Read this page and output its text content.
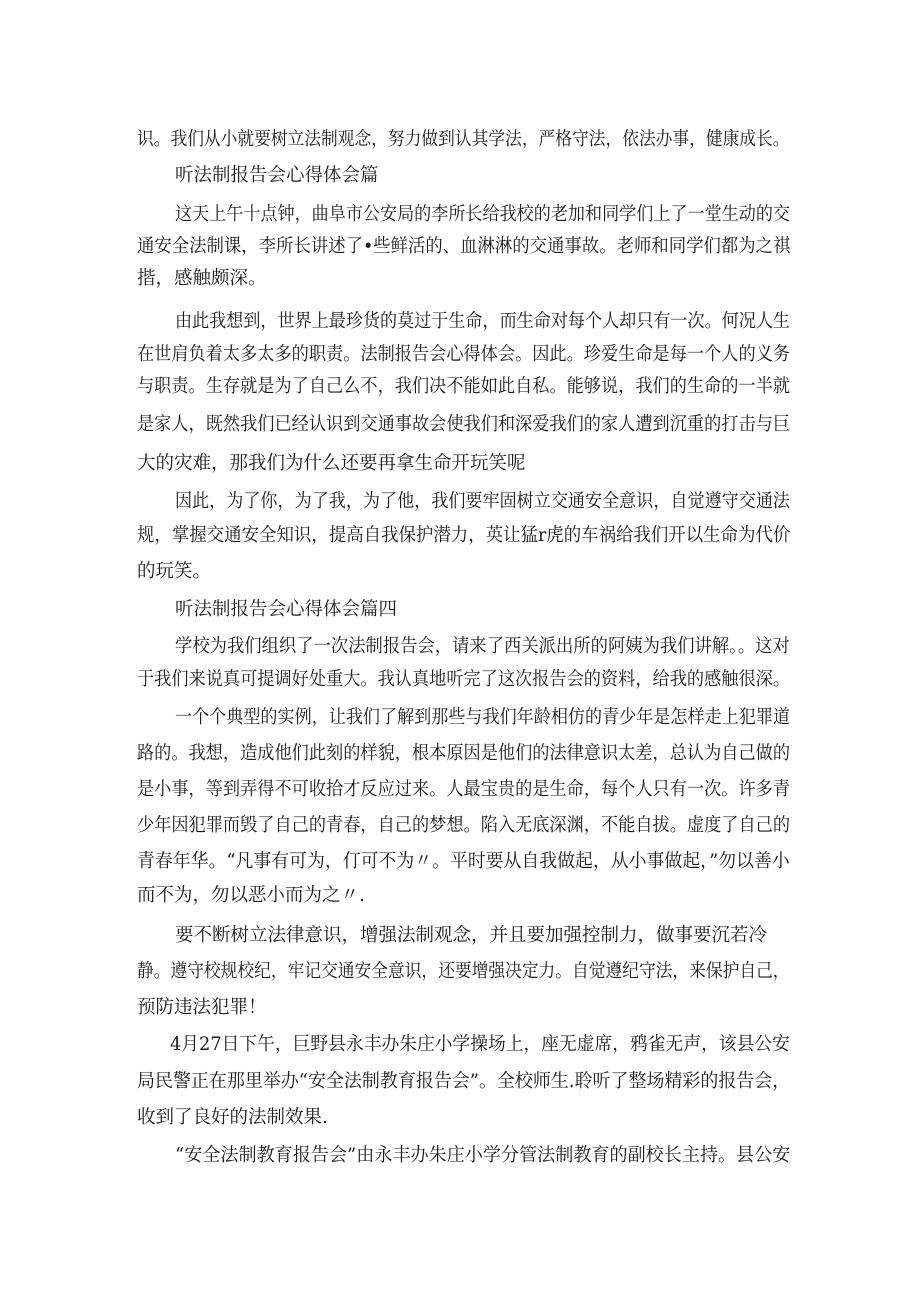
识。我们从小就要树立法制观念，努力做到认其学法，严格守法，依法办事，健康成长。
听法制报告会心得体会篇
这天上午十点钟，曲阜市公安局的李所长给我校的老加和同学们上了一堂生动的交
通安全法制课，李所长讲述了•些鲜活的、血淋淋的交通事故。老师和同学们都为之祺
揩，感触颇深。
由此我想到，世界上最珍货的莫过于生命，而生命对每个人却只有一次。何况人生
在世肩负着太多太多的职责。法制报告会心得体会。因此。珍爱生命是每一个人的义务
与职责。生存就是为了自己么不，我们决不能如此自私。能够说，我们的生命的一半就
是家人，既然我们已经认识到交通事故会使我们和深爱我们的家人遭到沉重的打击与巨
大的灾难，那我们为什么还要再拿生命开玩笑呢
因此，为了你，为了我，为了他，我们要牢固树立交通安全意识，自觉遵守交通法
规，掌握交通安全知识，提高自我保护潜力，英让猛r虎的车祸给我们开以生命为代价
的玩笑。
听法制报告会心得体会篇四
学校为我们组织了一次法制报告会，请来了西关派出所的阿姨为我们讲解。。这对
于我们来说真可提调好处重大。我认真地听完了这次报告会的资料，给我的感触很深。
一个个典型的实例，让我们了解到那些与我们年龄相仿的青少年是怎样走上犯罪道
路的。我想，造成他们此刻的样貌，根本原因是他们的法律意识太差，总认为自己做的
是小事，等到弄得不可收拾才反应过来。人最宝贵的是生命，每个人只有一次。许多青
少年因犯罪而毁了自己的青春，自己的梦想。陷入无底深渊，不能自拔。虚度了自己的
青春年华。“凡事有可为，仃可不为〃。平时要从自我做起，从小事做起，”勿以善小
而不为，勿以恶小而为之〃.
要不断树立法律意识，增强法制观念，并且要加强控制力，做事要沉若冷
静。遵守校规校纪，牢记交通安全意识，还要增强决定力。自觉遵纪守法，来保护自己，
预防违法犯罪！
4月27日下午，巨野县永丰办朱庄小学操场上，座无虚席，鸦雀无声，该县公安
局民警正在那里举办“安全法制教育报告会”。全校师生.聆听了整场精彩的报告会，
收到了良好的法制效果.
“安全法制教育报告会”由永丰办朱庄小学分管法制教育的副校长主持。县公安
